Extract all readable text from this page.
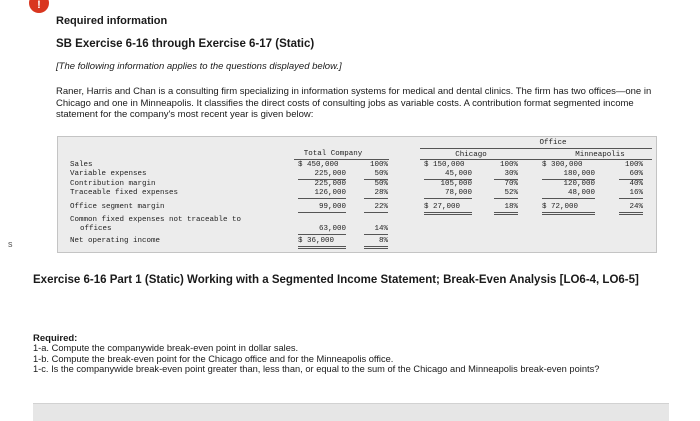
!
s
Required information
SB Exercise 6-16 through Exercise 6-17 (Static)
[The following information applies to the questions displayed below.]
Raner, Harris and Chan is a consulting firm specializing in information systems for medical and dental clinics. The firm has two offices—one in Chicago and one in Minneapolis. It classifies the direct costs of consulting jobs as variable costs. A contribution format segmented income statement for the company's most recent year is given below:
Office
Total Company	Chicago	Minneapolis
Sales	$ 450,000	100%	$ 150,000	100%	$ 300,000	100%
Variable expenses	225,000	50%	45,000	30%	180,000	60%
Contribution margin	225,000	50%	105,000	70%	120,000	40%
Traceable fixed expenses	126,000	28%	78,000	52%	48,000	16%
Office segment margin	99,000	22%	$ 27,000	18%	$ 72,000	24%
Common fixed expenses not traceable to
offices	63,000	14%
Net operating income	$ 36,000	8%
Exercise 6-16 Part 1 (Static) Working with a Segmented Income Statement; Break-Even Analysis [LO6-4, LO6-5]
Required:
1-a. Compute the companywide break-even point in dollar sales.
1-b. Compute the break-even point for the Chicago office and for the Minneapolis office.
1-c. Is the companywide break-even point greater than, less than, or equal to the sum of the Chicago and Minneapolis break-even points?
